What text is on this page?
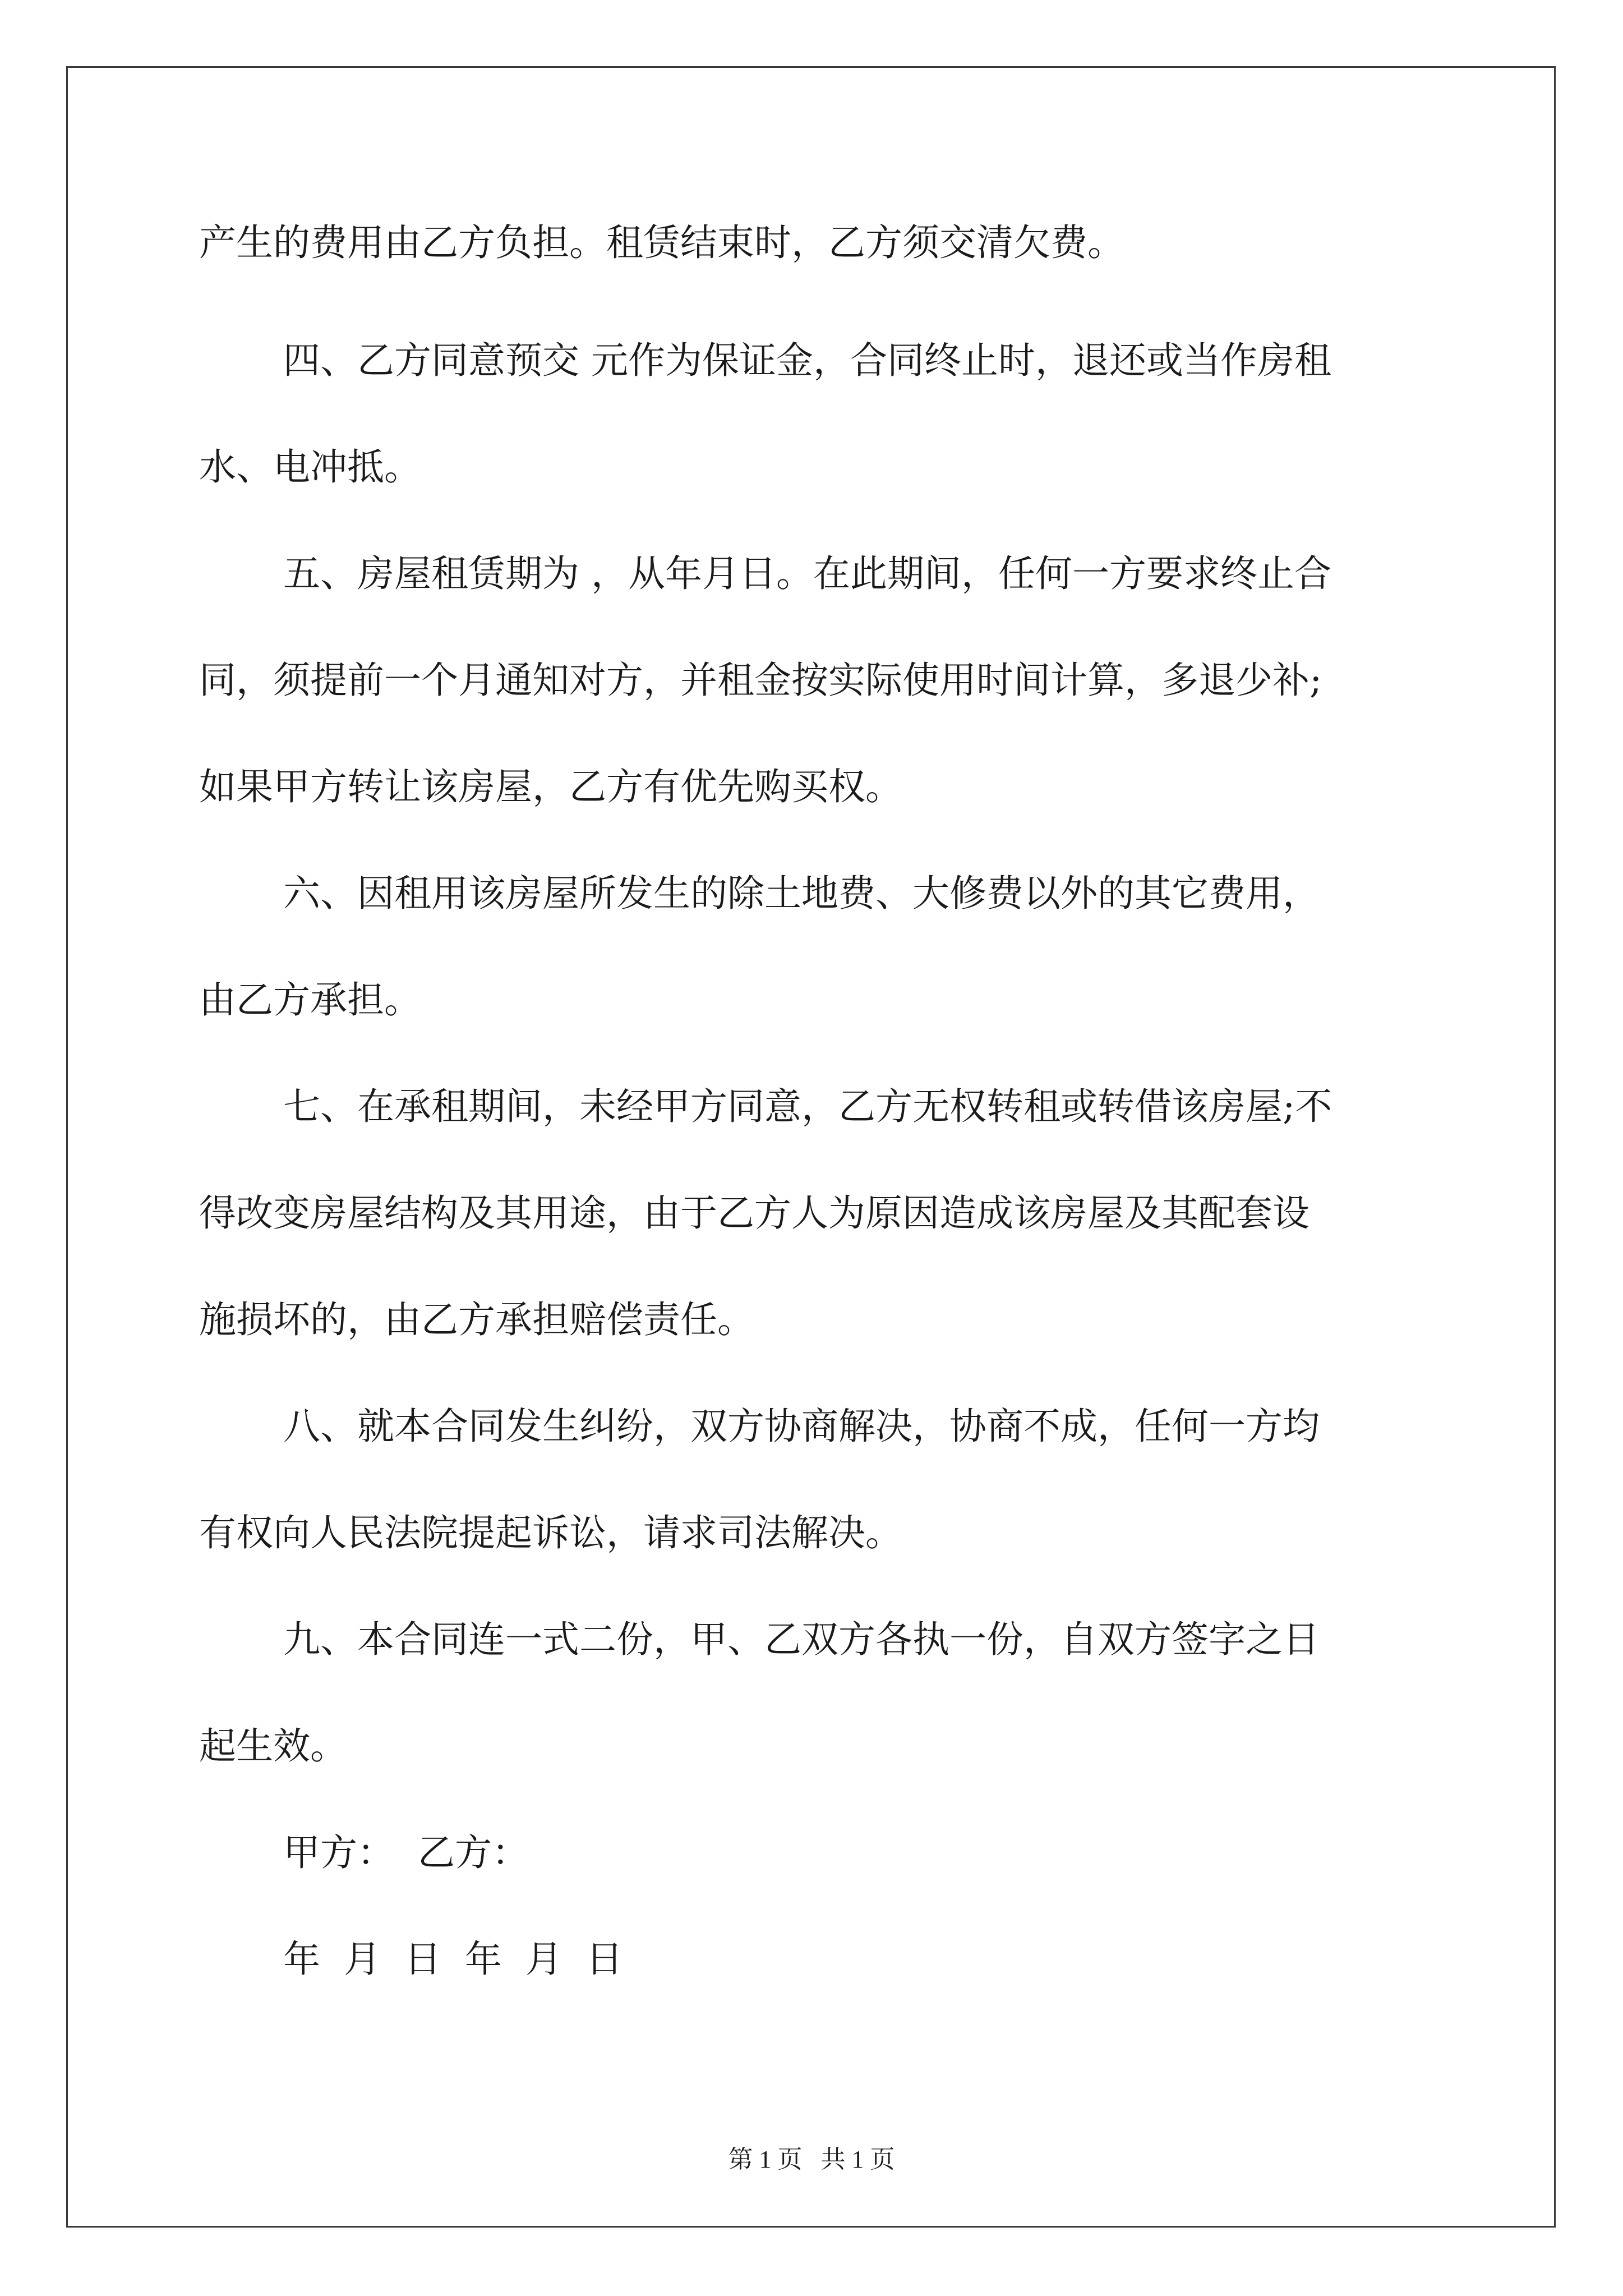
产生的费用由乙方负担。租赁结束时，乙方须交清欠费。

四、乙方同意预交 元作为保证金，合同终止时，退还或当作房租

水、电冲抵。

五、房屋租赁期为 ，从年月日。在此期间，任何一方要求终止合

同，须提前一个月通知对方，并租金按实际使用时间计算，多退少补;

如果甲方转让该房屋，乙方有优先购买权。

六、因租用该房屋所发生的除土地费、大修费以外的其它费用，

由乙方承担。

七、在承租期间，未经甲方同意，乙方无权转租或转借该房屋;不

得改变房屋结构及其用途，由于乙方人为原因造成该房屋及其配套设

施损坏的，由乙方承担赔偿责任。

八、就本合同发生纠纷，双方协商解决，协商不成，任何一方均

有权向人民法院提起诉讼，请求司法解决。

九、本合同连一式二份，甲、乙双方各执一份，自双方签字之日

起生效。

甲方：  乙方：

年  月  日  年  月  日

第 1 页   共 1 页
